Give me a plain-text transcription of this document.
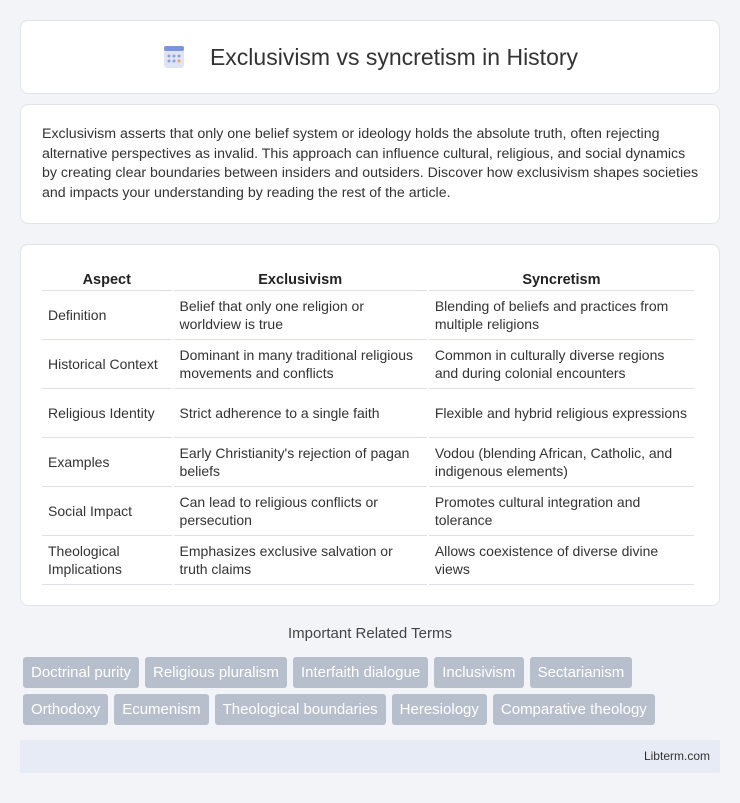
Exclusivism vs syncretism in History

Exclusivism asserts that only one belief system or ideology holds the absolute truth, often rejecting alternative perspectives as invalid. This approach can influence cultural, religious, and social dynamics by creating clear boundaries between insiders and outsiders. Discover how exclusivism shapes societies and impacts your understanding by reading the rest of the article.

Aspect	Exclusivism	Syncretism
Definition	Belief that only one religion or worldview is true	Blending of beliefs and practices from multiple religions
Historical Context	Dominant in many traditional religious movements and conflicts	Common in culturally diverse regions and during colonial encounters
Religious Identity	Strict adherence to a single faith	Flexible and hybrid religious expressions
Examples	Early Christianity's rejection of pagan beliefs	Vodou (blending African, Catholic, and indigenous elements)
Social Impact	Can lead to religious conflicts or persecution	Promotes cultural integration and tolerance
Theological Implications	Emphasizes exclusive salvation or truth claims	Allows coexistence of diverse divine views
Important Related Terms
Doctrinal purity	Religious pluralism	Interfaith dialogue	Inclusivism	Sectarianism
Orthodoxy	Ecumenism	Theological boundaries	Heresiology	Comparative theology
Libterm.com
